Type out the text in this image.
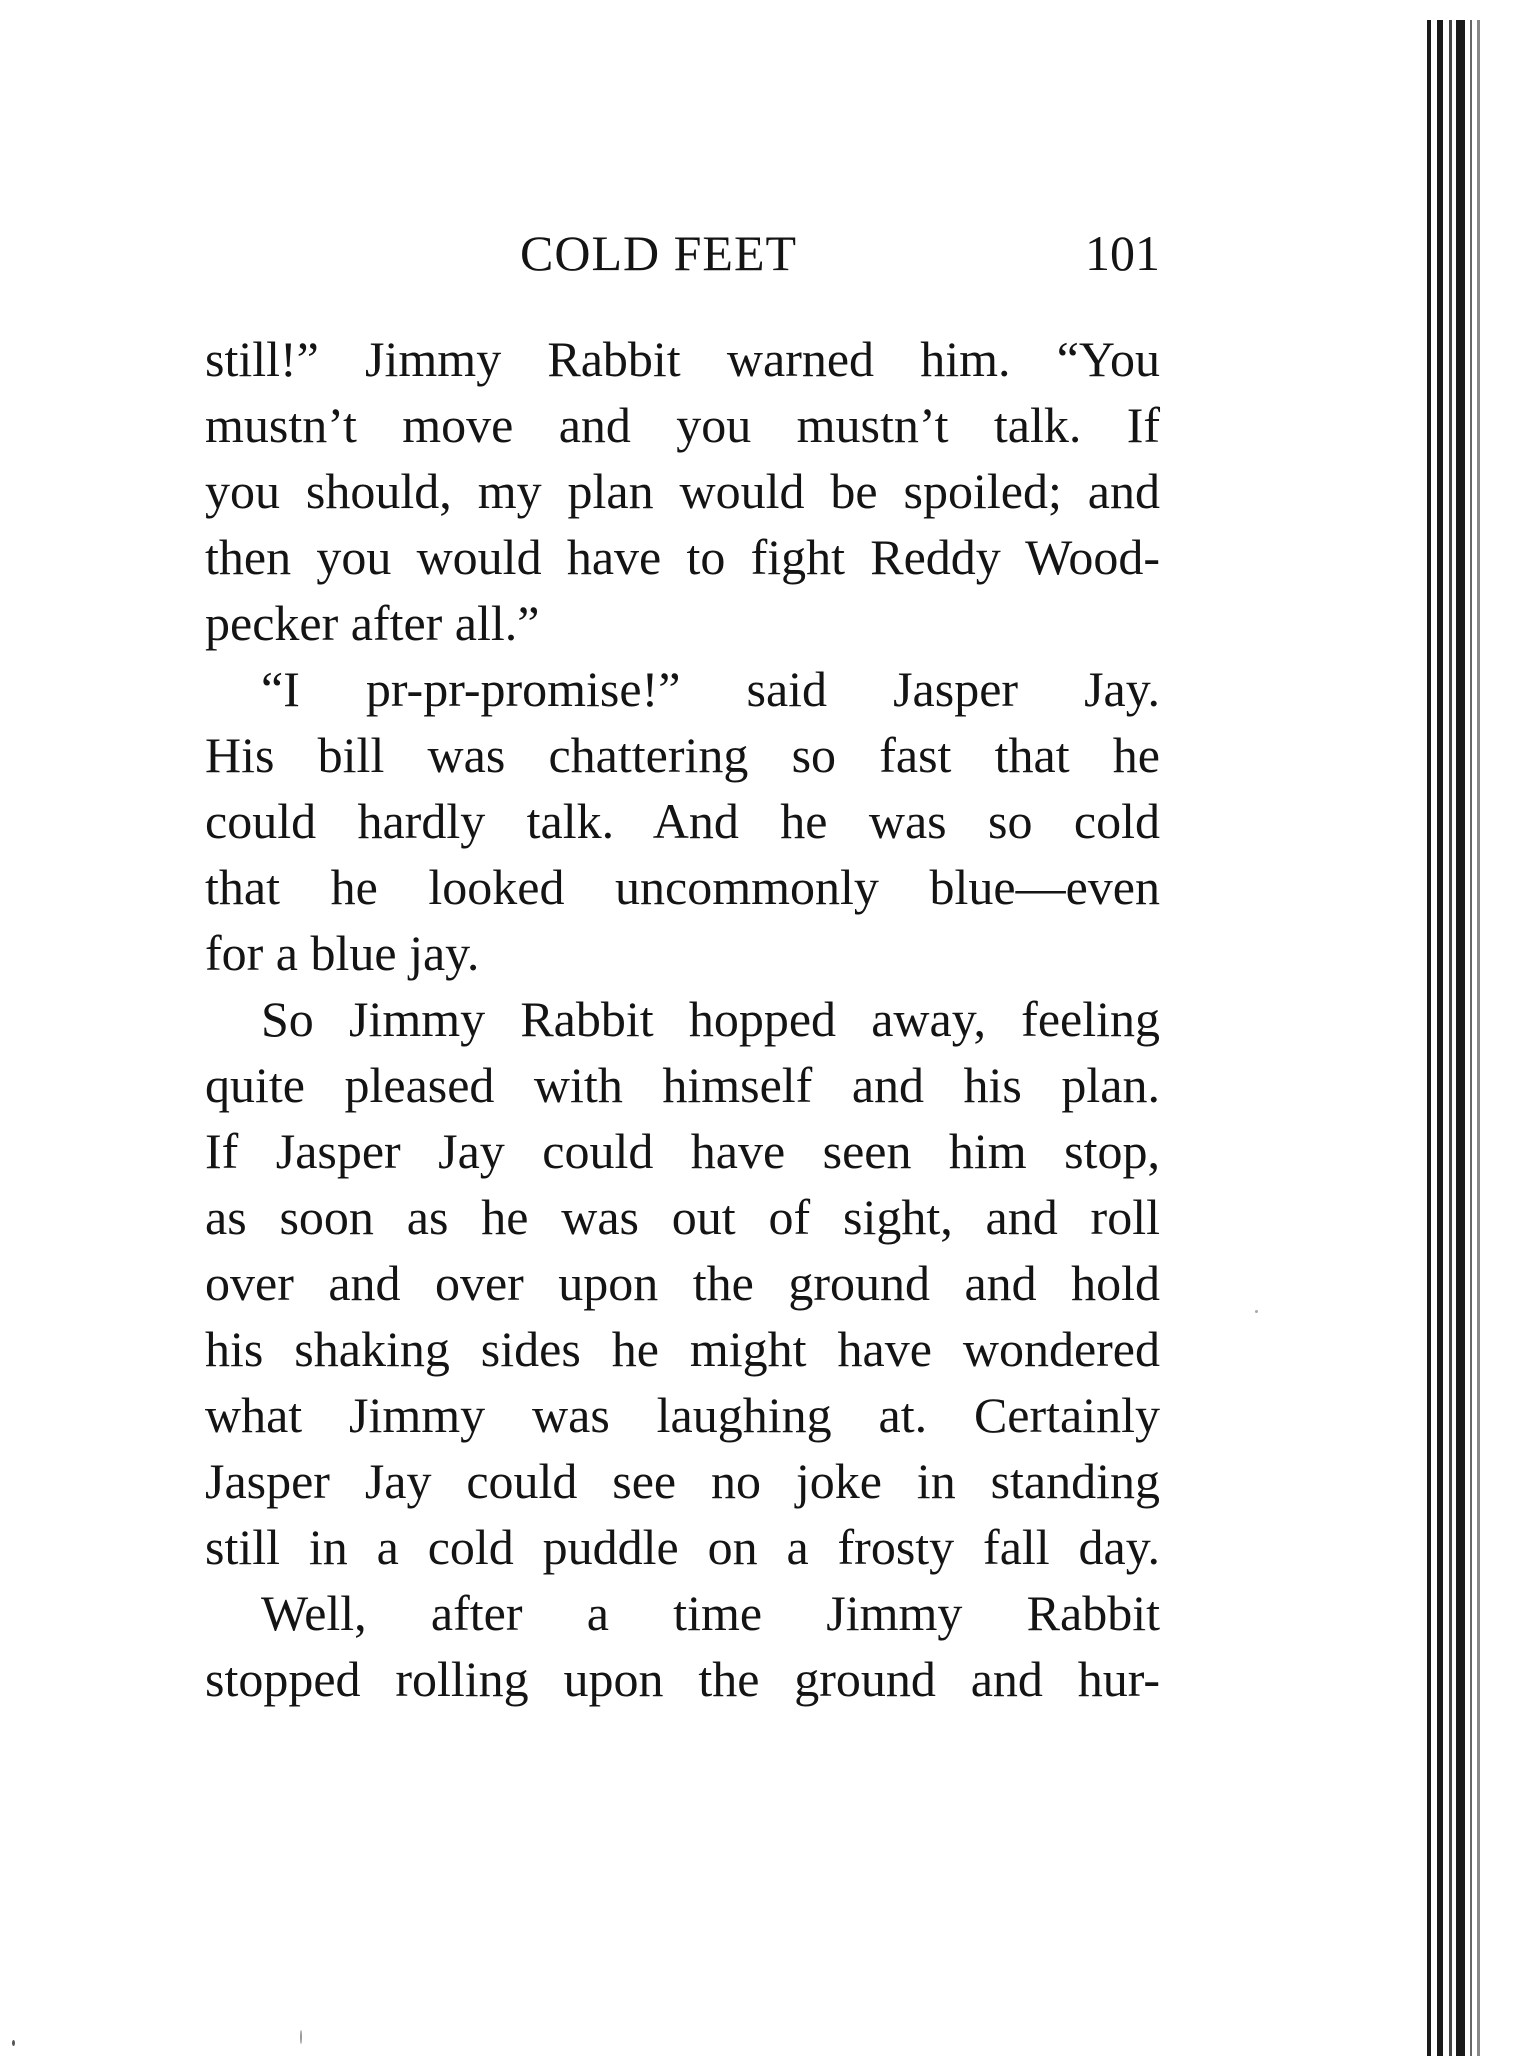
COLD FEET	101
still!” Jimmy Rabbit warned him. “You
mustn’t move and you mustn’t talk. If
you should, my plan would be spoiled; and
then you would have to fight Reddy Wood-
pecker after all.”
“I pr-pr-promise!” said Jasper Jay.
His bill was chattering so fast that he
could hardly talk. And he was so cold
that he looked uncommonly blue—even
for a blue jay.
So Jimmy Rabbit hopped away, feeling
quite pleased with himself and his plan.
If Jasper Jay could have seen him stop,
as soon as he was out of sight, and roll
over and over upon the ground and hold
his shaking sides he might have wondered
what Jimmy was laughing at. Certainly
Jasper Jay could see no joke in standing
still in a cold puddle on a frosty fall day.
Well, after a time Jimmy Rabbit
stopped rolling upon the ground and hur-
